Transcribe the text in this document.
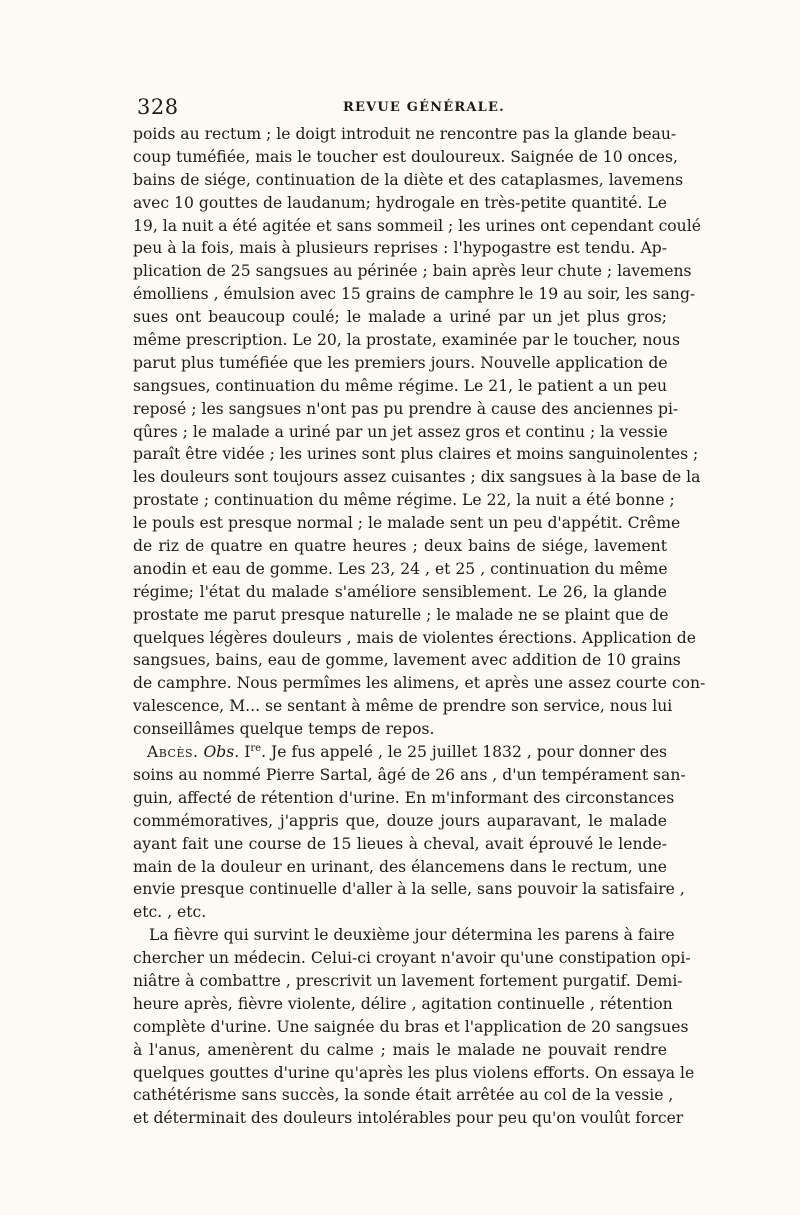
328	REVUE GÉNÉRALE.
poids au rectum ; le doigt introduit ne rencontre pas la glande beau-
coup tuméfiée, mais le toucher est douloureux. Saignée de 10 onces,
bains de siége, continuation de la diète et des cataplasmes, lavemens
avec 10 gouttes de laudanum; hydrogale en très-petite quantité. Le
19, la nuit a été agitée et sans sommeil ; les urines ont cependant coulé
peu à la fois, mais à plusieurs reprises : l'hypogastre est tendu. Ap-
plication de 25 sangsues au périnée ; bain après leur chute ; lavemens
émolliens , émulsion avec 15 grains de camphre le 19 au soir, les sang-
sues ont beaucoup coulé; le malade a uriné par un jet plus gros;
même prescription. Le 20, la prostate, examinée par le toucher, nous
parut plus tuméfiée que les premiers jours. Nouvelle application de
sangsues, continuation du même régime. Le 21, le patient a un peu
reposé ; les sangsues n'ont pas pu prendre à cause des anciennes pi-
qûres ; le malade a uriné par un jet assez gros et continu ; la vessie
paraît être vidée ; les urines sont plus claires et moins sanguinolentes ;
les douleurs sont toujours assez cuisantes ; dix sangsues à la base de la
prostate ; continuation du même régime. Le 22, la nuit a été bonne ;
le pouls est presque normal ; le malade sent un peu d'appétit. Crême
de riz de quatre en quatre heures ; deux bains de siége, lavement
anodin et eau de gomme. Les 23, 24 , et 25 , continuation du même
régime; l'état du malade s'améliore sensiblement. Le 26, la glande
prostate me parut presque naturelle ; le malade ne se plaint que de
quelques légères douleurs , mais de violentes érections. Application de
sangsues, bains, eau de gomme, lavement avec addition de 10 grains
de camphre. Nous permîmes les alimens, et après une assez courte con-
valescence, M... se sentant à même de prendre son service, nous lui
conseillâmes quelque temps de repos.
Abcès. Obs. Ire. Je fus appelé , le 25 juillet 1832 , pour donner des
soins au nommé Pierre Sartal, âgé de 26 ans , d'un tempérament san-
guin, affecté de rétention d'urine. En m'informant des circonstances
commémoratives, j'appris que, douze jours auparavant, le malade
ayant fait une course de 15 lieues à cheval, avait éprouvé le lende-
main de la douleur en urinant, des élancemens dans le rectum, une
envie presque continuelle d'aller à la selle, sans pouvoir la satisfaire ,
etc. , etc.
La fièvre qui survint le deuxième jour détermina les parens à faire
chercher un médecin. Celui-ci croyant n'avoir qu'une constipation opi-
niâtre à combattre , prescrivit un lavement fortement purgatif. Demi-
heure après, fièvre violente, délire , agitation continuelle , rétention
complète d'urine. Une saignée du bras et l'application de 20 sangsues
à l'anus, amenèrent du calme ; mais le malade ne pouvait rendre
quelques gouttes d'urine qu'après les plus violens efforts. On essaya le
cathétérisme sans succès, la sonde était arrêtée au col de la vessie ,
et déterminait des douleurs intolérables pour peu qu'on voulût forcer
